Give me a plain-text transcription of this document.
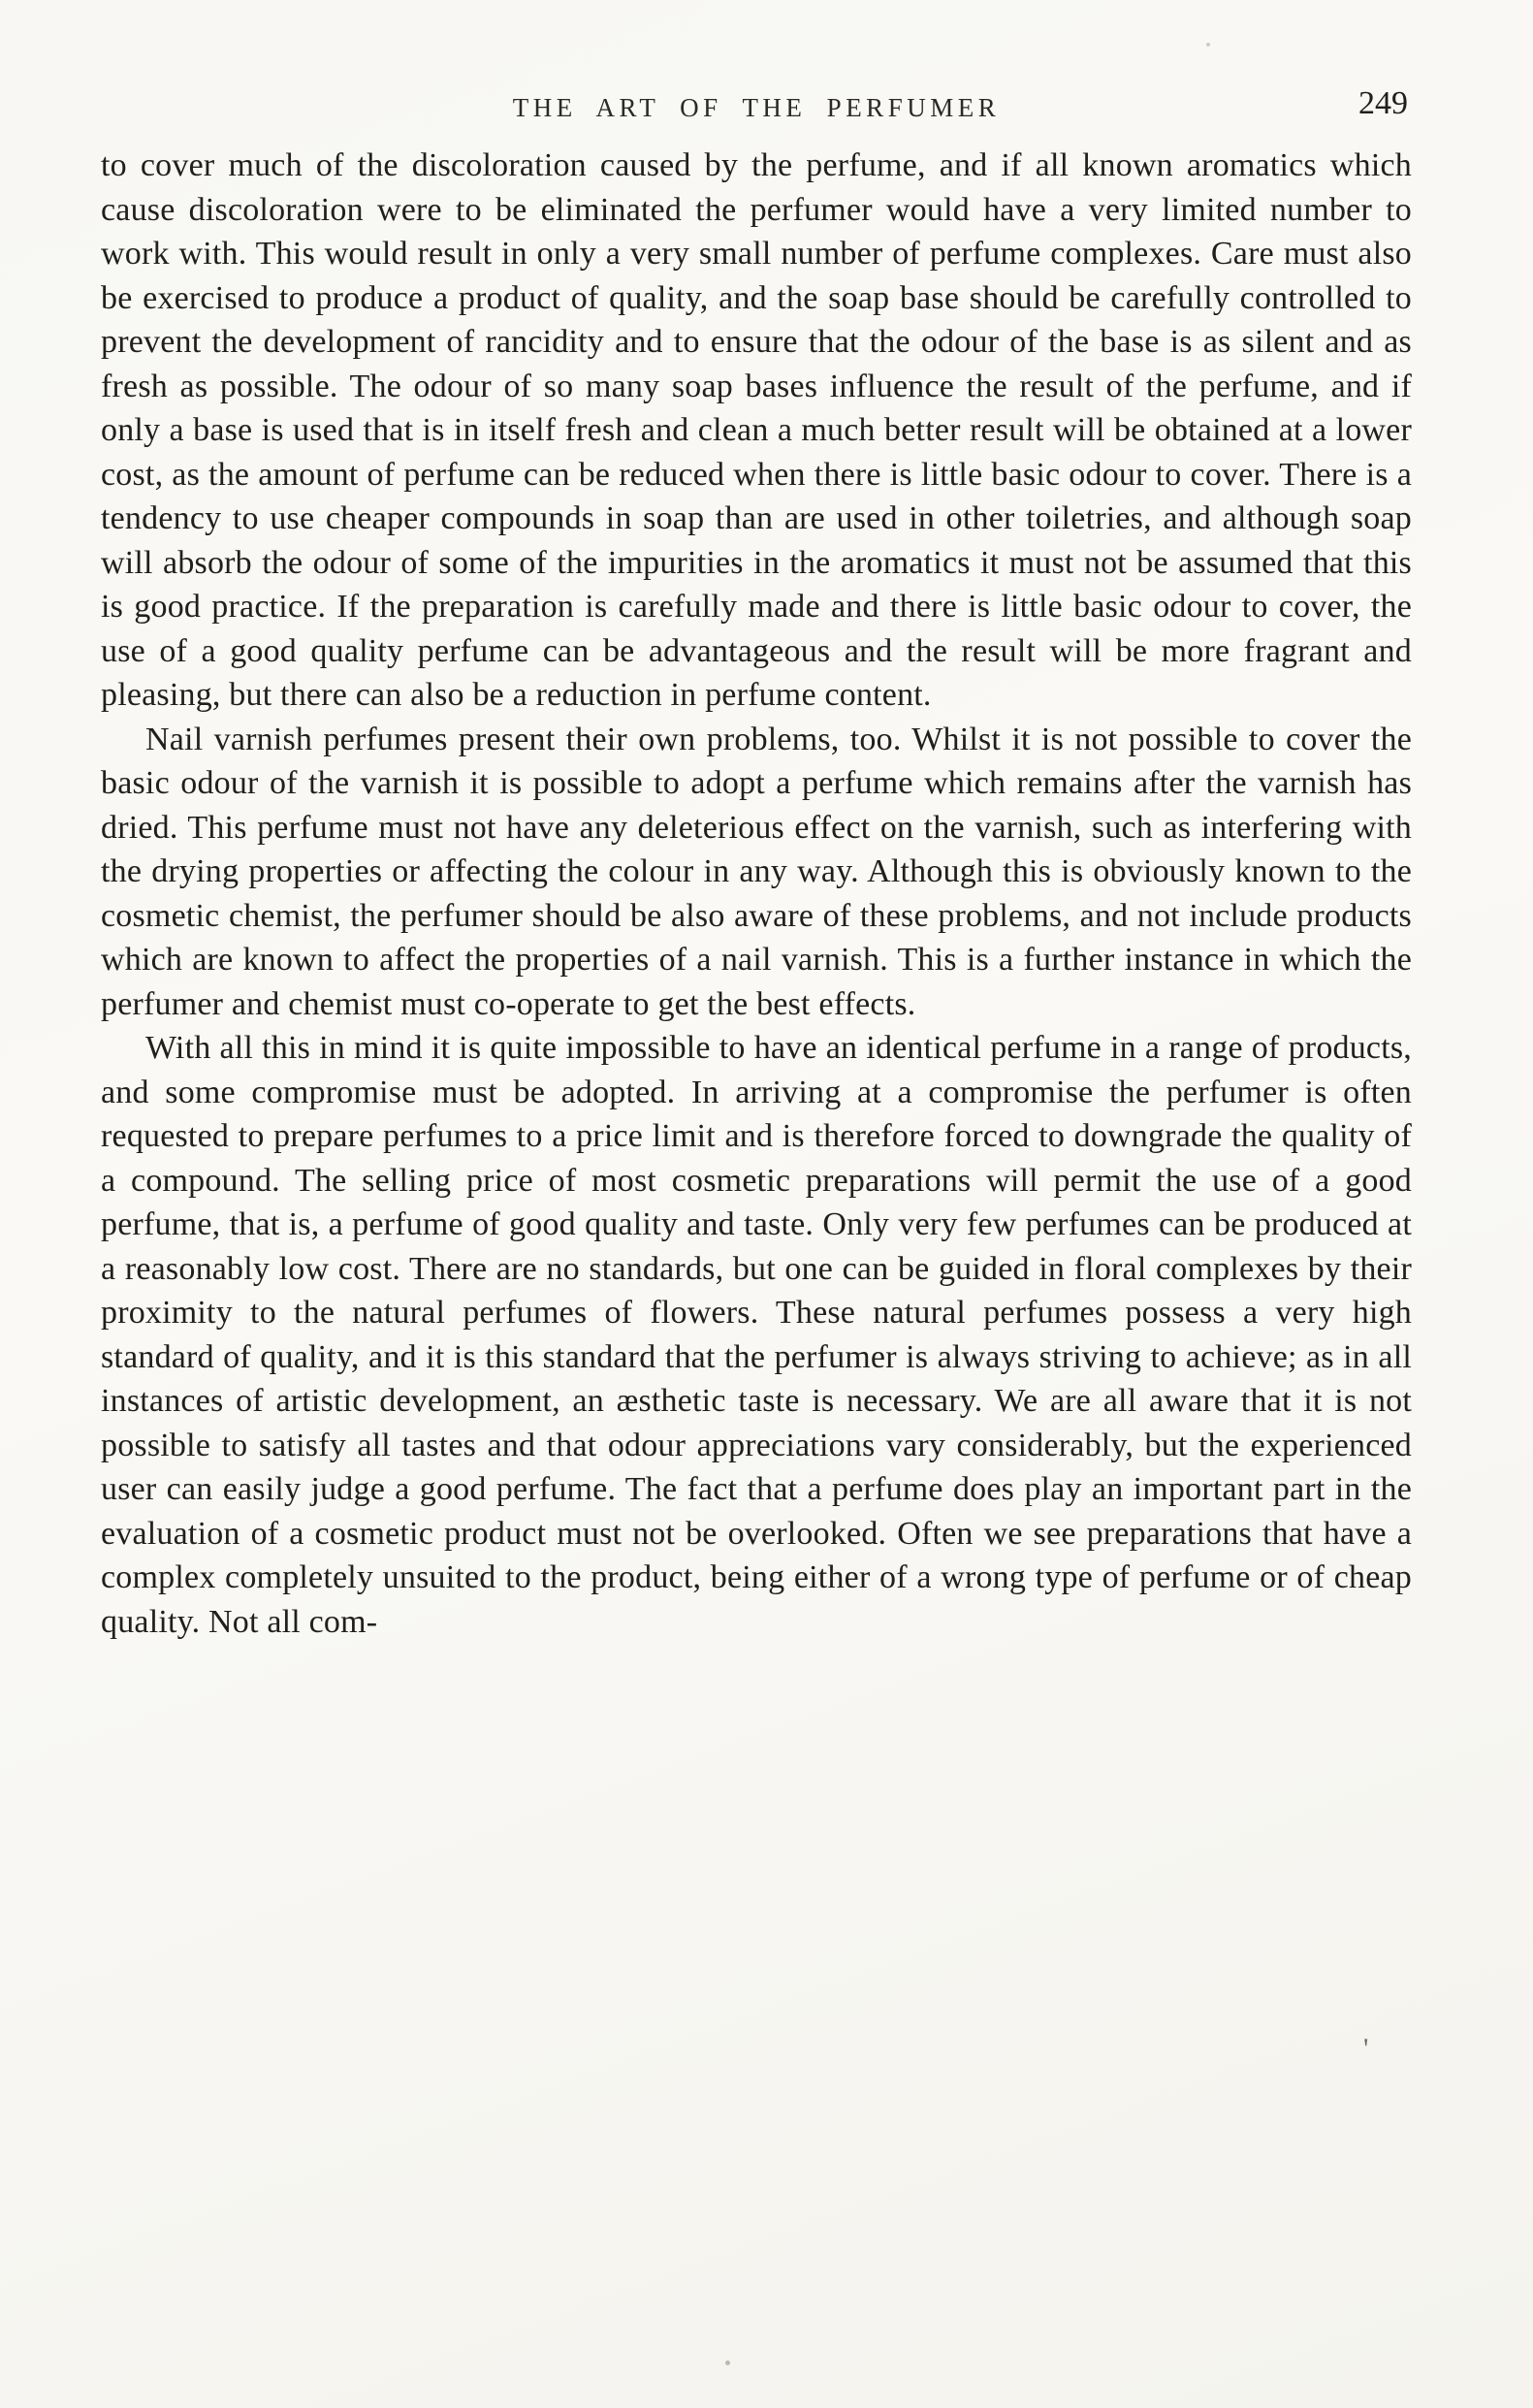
THE ART OF THE PERFUMER	249

to cover much of the discoloration caused by the perfume, and if all known aromatics which cause discoloration were to be eliminated the perfumer would have a very limited number to work with. This would result in only a very small number of perfume complexes. Care must also be exercised to produce a product of quality, and the soap base should be carefully controlled to prevent the development of rancidity and to ensure that the odour of the base is as silent and as fresh as possible. The odour of so many soap bases influence the result of the perfume, and if only a base is used that is in itself fresh and clean a much better result will be obtained at a lower cost, as the amount of perfume can be reduced when there is little basic odour to cover. There is a tendency to use cheaper compounds in soap than are used in other toiletries, and although soap will absorb the odour of some of the impurities in the aromatics it must not be assumed that this is good practice. If the preparation is carefully made and there is little basic odour to cover, the use of a good quality perfume can be advantageous and the result will be more fragrant and pleasing, but there can also be a reduction in perfume content.

Nail varnish perfumes present their own problems, too. Whilst it is not possible to cover the basic odour of the varnish it is possible to adopt a perfume which remains after the varnish has dried. This perfume must not have any deleterious effect on the varnish, such as interfering with the drying properties or affecting the colour in any way. Although this is obviously known to the cosmetic chemist, the perfumer should be also aware of these problems, and not include products which are known to affect the properties of a nail varnish. This is a further instance in which the perfumer and chemist must co-operate to get the best effects.

With all this in mind it is quite impossible to have an identical perfume in a range of products, and some compromise must be adopted. In arriving at a compromise the perfumer is often requested to prepare perfumes to a price limit and is therefore forced to downgrade the quality of a compound. The selling price of most cosmetic preparations will permit the use of a good perfume, that is, a perfume of good quality and taste. Only very few perfumes can be produced at a reasonably low cost. There are no standards, but one can be guided in floral complexes by their proximity to the natural perfumes of flowers. These natural perfumes possess a very high standard of quality, and it is this standard that the perfumer is always striving to achieve; as in all instances of artistic development, an æsthetic taste is necessary. We are all aware that it is not possible to satisfy all tastes and that odour appreciations vary considerably, but the experienced user can easily judge a good perfume. The fact that a perfume does play an important part in the evaluation of a cosmetic product must not be overlooked. Often we see preparations that have a complex completely unsuited to the product, being either of a wrong type of perfume or of cheap quality. Not all com-

'
